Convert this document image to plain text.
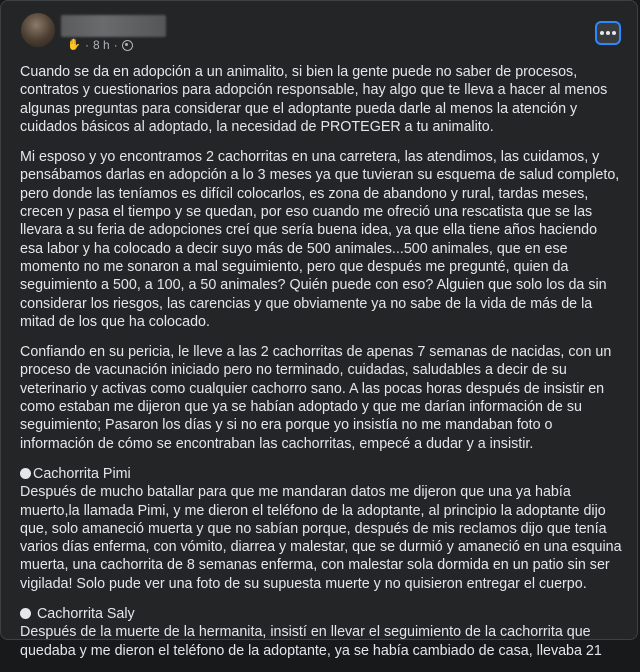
✋ · 8 h ·

Cuando se da en adopción a un animalito, si bien la gente puede no saber de procesos, contratos y cuestionarios para adopción responsable, hay algo que te lleva a hacer al menos algunas preguntas para considerar que el adoptante pueda darle al menos la atención y cuidados básicos al adoptado, la necesidad de PROTEGER a tu animalito.

Mi esposo y yo encontramos 2 cachorritas en una carretera, las atendimos, las cuidamos, y pensábamos darlas en adopción a lo 3 meses ya que tuvieran su esquema de salud completo, pero donde las teníamos es difícil colocarlos, es zona de abandono y rural, tardas meses, crecen y pasa el tiempo y se quedan, por eso cuando me ofreció una rescatista que se las llevara a su feria de adopciones creí que sería buena idea, ya que ella tiene años haciendo esa labor y ha colocado a decir suyo más de 500 animales...500 animales, que en ese momento no me sonaron a mal seguimiento, pero que después me pregunté, quien da seguimiento a 500, a 100, a 50 animales? Quién puede con eso? Alguien que solo los da sin considerar los riesgos, las carencias y que obviamente ya no sabe de la vida de más de la mitad de los que ha colocado.

Confiando en su pericia, le lleve a las 2 cachorritas de apenas 7 semanas de nacidas, con un proceso de vacunación iniciado pero no terminado, cuidadas, saludables a decir de su veterinario y activas como cualquier cachorro sano. A las pocas horas después de insistir en como estaban me dijeron que ya se habían adoptado y que me darían información de su seguimiento; Pasaron los días y si no era porque yo insistía no me mandaban foto o información de cómo se encontraban las cachorritas, empecé a dudar y a insistir.

Cachorrita Pimi

Después de mucho batallar para que me mandaran datos me dijeron que una ya había muerto,la llamada Pimi, y me dieron el teléfono de la adoptante, al principio la adoptante dijo que, solo amaneció muerta y que no sabían porque, después de mis reclamos dijo que tenía varios días enferma, con vómito, diarrea y malestar, que se durmió y amaneció en una esquina muerta, una cachorrita de 8 semanas enferma, con malestar sola dormida en un patio sin ser vigilada! Solo pude ver una foto de su supuesta muerte y no quisieron entregar el cuerpo.

Cachorrita Saly

Después de la muerte de la hermanita, insistí en llevar el seguimiento de la cachorrita que quedaba y me dieron el teléfono de la adoptante, ya se había cambiado de casa, llevaba 21
